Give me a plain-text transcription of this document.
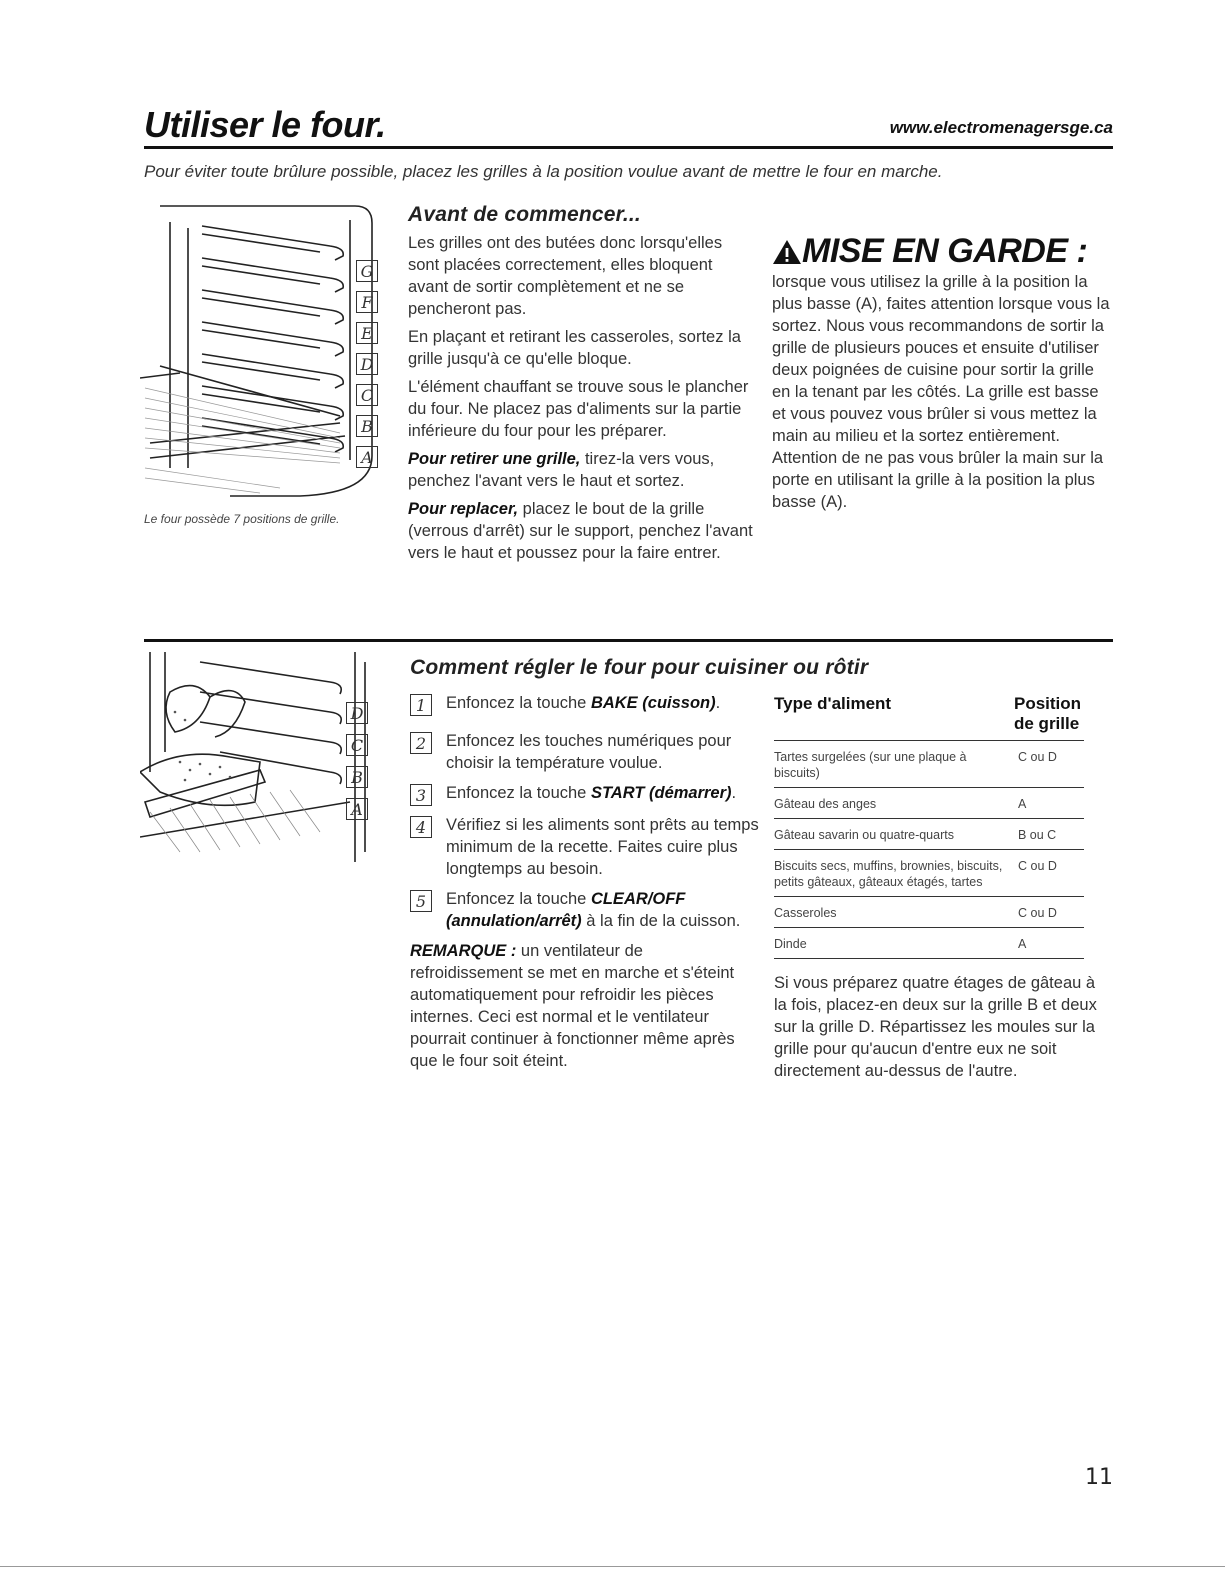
Utiliser le four.	www.electromenagersge.ca
Pour éviter toute brûlure possible, placez les grilles à la position voulue avant de mettre le four en marche.
G
F
E
D
C
B
A
Le four possède 7 positions de grille.
Avant de commencer...

Les grilles ont des butées donc lorsqu'elles sont placées correctement, elles bloquent avant de sortir complètement et ne se pencheront pas.

En plaçant et retirant les casseroles, sortez la grille jusqu'à ce qu'elle bloque.

L'élément chauffant se trouve sous le plancher du four. Ne placez pas d'aliments sur la partie inférieure du four pour les préparer.

Pour retirer une grille, tirez-la vers vous, penchez l'avant vers le haut et sortez.

Pour replacer, placez le bout de la grille (verrous d'arrêt) sur le support, penchez l'avant vers le haut et poussez pour la faire entrer.

MISE EN GARDE :

lorsque vous utilisez la grille à la position la plus basse (A), faites attention lorsque vous la sortez. Nous vous recommandons de sortir la grille de plusieurs pouces et ensuite d'utiliser deux poignées de cuisine pour sortir la grille en la tenant par les côtés. La grille est basse et vous pouvez vous brûler si vous mettez la main au milieu et la sortez entièrement. Attention de ne pas vous brûler la main sur la porte en utilisant la grille à la position la plus basse (A).

D
C
B
A
Comment régler le four pour cuisiner ou rôtir
1	Enfoncez la touche BAKE (cuisson).
2	Enfoncez les touches numériques pour choisir la température voulue.
3	Enfoncez la touche START (démarrer).
4	Vérifiez si les aliments sont prêts au temps minimum de la recette. Faites cuire plus longtemps au besoin.
5	Enfoncez la touche CLEAR/OFF (annulation/arrêt) à la fin de la cuisson.

REMARQUE : un ventilateur de refroidissement se met en marche et s'éteint automatiquement pour refroidir les pièces internes. Ceci est normal et le ventilateur pourrait continuer à fonctionner même après que le four soit éteint.

Type d'aliment	Position de grille
Tartes surgelées (sur une plaque à biscuits)	C ou D
Gâteau des anges	A
Gâteau savarin ou quatre-quarts	B ou C
Biscuits secs, muffins, brownies, biscuits, petits gâteaux, gâteaux étagés, tartes	C ou D
Casseroles	C ou D
Dinde	A

Si vous préparez quatre étages de gâteau à la fois, placez-en deux sur la grille B et deux sur la grille D. Répartissez les moules sur la grille pour qu'aucun d'entre eux ne soit directement au-dessus de l'autre.

11
